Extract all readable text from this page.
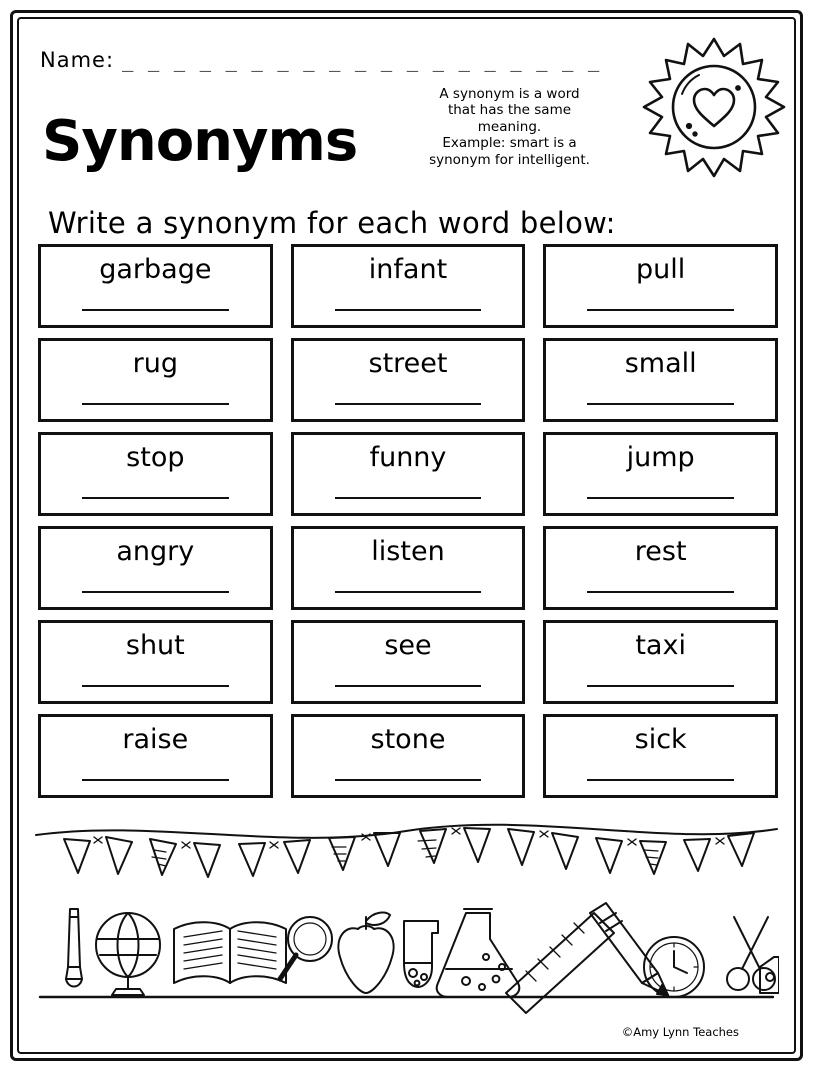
Name: _ _ _ _ _ _ _ _ _ _ _ _ _ _ _ _ _ _ _
Synonyms
A synonym is a word
that has the same
meaning.
Example: smart is a
synonym for intelligent.
Write a synonym for each word below:
garbage	infant	pull
rug	street	small
stop	funny	jump
angry	listen	rest
shut	see	taxi
raise	stone	sick
©Amy Lynn Teaches
